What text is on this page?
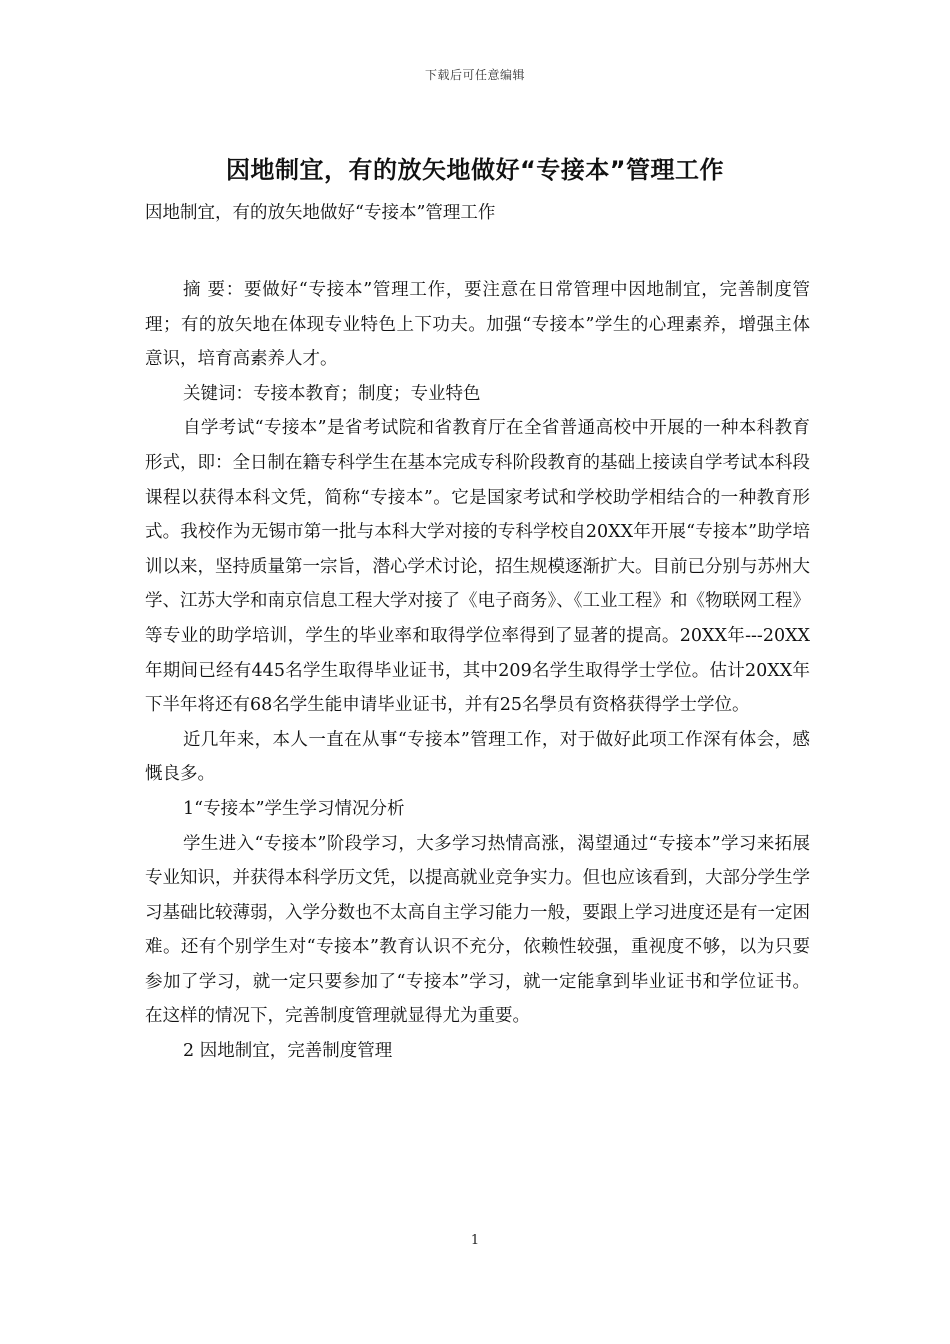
下载后可任意编辑
因地制宜，有的放矢地做好“专接本”管理工作
因地制宜，有的放矢地做好“专接本”管理工作

摘 要：要做好“专接本”管理工作，要注意在日常管理中因地制宜，完善制度管理；有的放矢地在体现专业特色上下功夫。加强“专接本”学生的心理素养，增强主体意识，培育高素养人才。

关键词：专接本教育；制度；专业特色

自学考试“专接本”是省考试院和省教育厅在全省普通高校中开展的一种本科教育形式，即：全日制在籍专科学生在基本完成专科阶段教育的基础上接读自学考试本科段课程以获得本科文凭，简称“专接本”。它是国家考试和学校助学相结合的一种教育形式。我校作为无锡市第一批与本科大学对接的专科学校自20XX年开展“专接本”助学培训以来，坚持质量第一宗旨，潜心学术讨论，招生规模逐渐扩大。目前已分别与苏州大学、江苏大学和南京信息工程大学对接了《电子商务》、《工业工程》和《物联网工程》等专业的助学培训，学生的毕业率和取得学位率得到了显著的提高。20XX年---20XX年期间已经有445名学生取得毕业证书，其中209名学生取得学士学位。估计20XX年下半年将还有68名学生能申请毕业证书，并有25名學员有资格获得学士学位。

近几年来，本人一直在从事“专接本”管理工作，对于做好此项工作深有体会，感慨良多。

1“专接本”学生学习情况分析

学生进入“专接本”阶段学习，大多学习热情高涨，渴望通过“专接本”学习来拓展专业知识，并获得本科学历文凭，以提高就业竞争实力。但也应该看到，大部分学生学习基础比较薄弱，入学分数也不太高自主学习能力一般，要跟上学习进度还是有一定困难。还有个别学生对“专接本”教育认识不充分，依赖性较强，重视度不够，以为只要参加了学习，就一定只要参加了“专接本”学习，就一定能拿到毕业证书和学位证书。在这样的情况下，完善制度管理就显得尤为重要。

2 因地制宜，完善制度管理

1
